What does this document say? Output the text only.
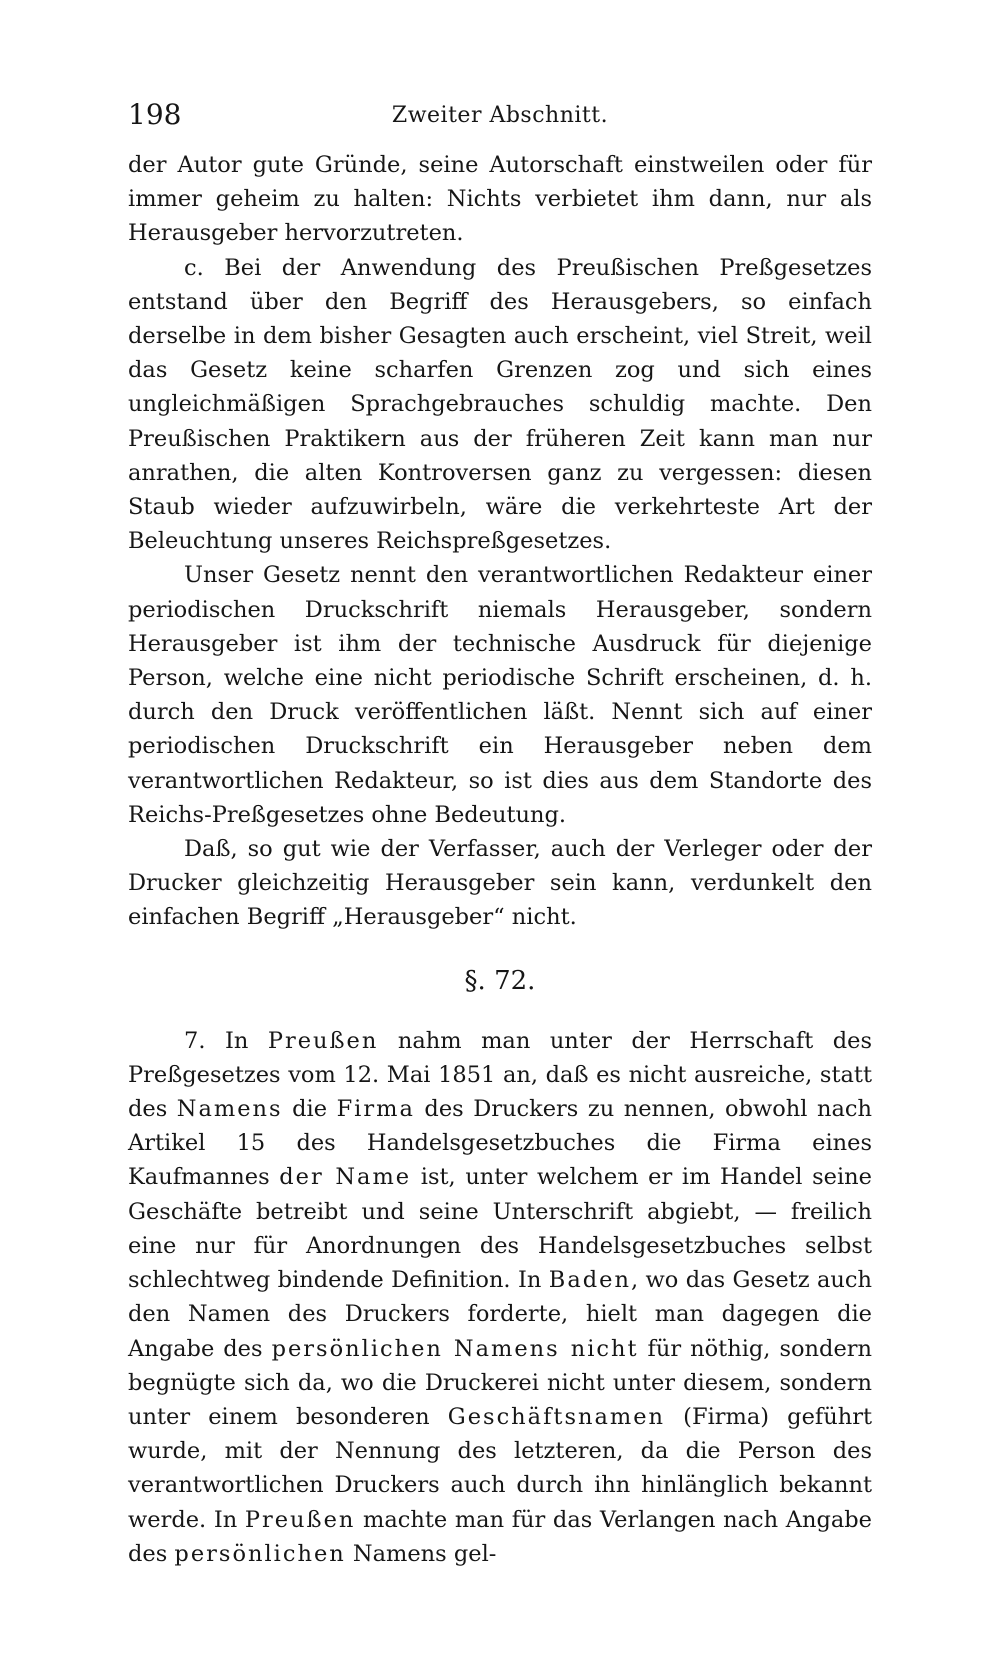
198	Zweiter Abschnitt.

der Autor gute Gründe, seine Autorschaft einstweilen oder für immer geheim zu halten: Nichts verbietet ihm dann, nur als Herausgeber hervorzutreten.

c. Bei der Anwendung des Preußischen Preßgesetzes entstand über den Begriff des Herausgebers, so einfach derselbe in dem bisher Gesagten auch erscheint, viel Streit, weil das Gesetz keine scharfen Grenzen zog und sich eines ungleichmäßigen Sprachgebrauches schuldig machte. Den Preußischen Praktikern aus der früheren Zeit kann man nur anrathen, die alten Kontroversen ganz zu vergessen: diesen Staub wieder aufzuwirbeln, wäre die verkehrteste Art der Beleuchtung unseres Reichspreßgesetzes.

Unser Gesetz nennt den verantwortlichen Redakteur einer periodischen Druckschrift niemals Herausgeber, sondern Herausgeber ist ihm der technische Ausdruck für diejenige Person, welche eine nicht periodische Schrift erscheinen, d. h. durch den Druck veröffentlichen läßt. Nennt sich auf einer periodischen Druckschrift ein Herausgeber neben dem verantwortlichen Redakteur, so ist dies aus dem Standorte des Reichs-Preßgesetzes ohne Bedeutung.

Daß, so gut wie der Verfasser, auch der Verleger oder der Drucker gleichzeitig Herausgeber sein kann, verdunkelt den einfachen Begriff „Herausgeber“ nicht.

§. 72.

7. In Preußen nahm man unter der Herrschaft des Preßgesetzes vom 12. Mai 1851 an, daß es nicht ausreiche, statt des Namens die Firma des Druckers zu nennen, obwohl nach Artikel 15 des Handelsgesetzbuches die Firma eines Kaufmannes der Name ist, unter welchem er im Handel seine Geschäfte betreibt und seine Unterschrift abgiebt, — freilich eine nur für Anordnungen des Handelsgesetzbuches selbst schlechtweg bindende Definition. In Baden, wo das Gesetz auch den Namen des Druckers forderte, hielt man dagegen die Angabe des persönlichen Namens nicht für nöthig, sondern begnügte sich da, wo die Druckerei nicht unter diesem, sondern unter einem besonderen Geschäftsnamen (Firma) geführt wurde, mit der Nennung des letzteren, da die Person des verantwortlichen Druckers auch durch ihn hinlänglich bekannt werde. In Preußen machte man für das Verlangen nach Angabe des persönlichen Namens gel-
